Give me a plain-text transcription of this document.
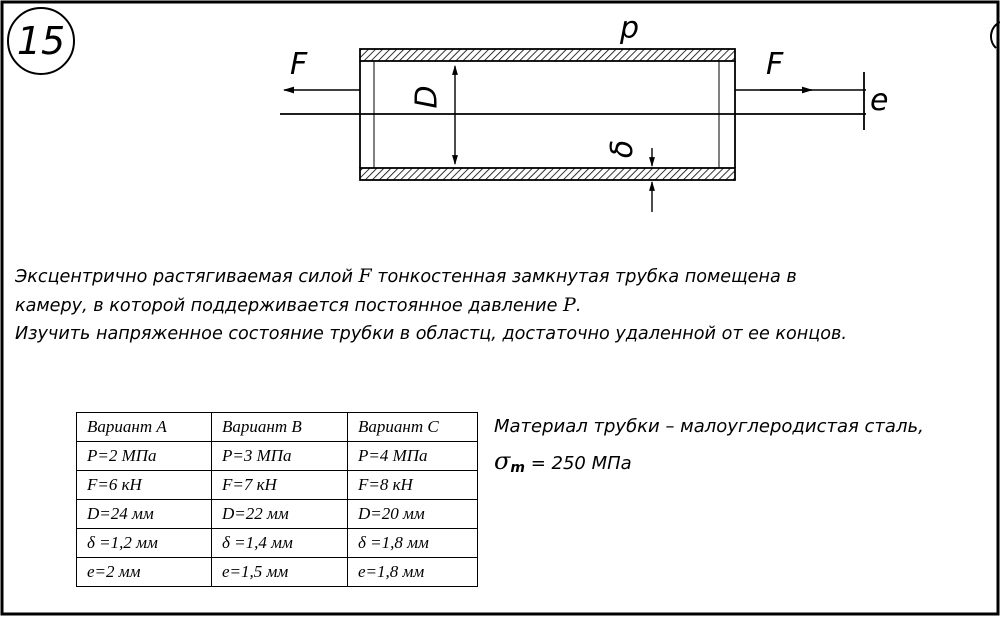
15
F	F
p
D
δ
e

Эксцентрично растягиваемая силой F тонкостенная замкнутая трубка помещена в

камеру, в которой поддерживается постоянное давление P.

Изучить напряженное состояние трубки в областц, достаточно удаленной от ее концов.

Вариант A	Вариант B	Вариант C
P=2 МПа	P=3 МПа	P=4 МПа
F=6 кН	F=7 кН	F=8 кН
D=24 мм	D=22 мм	D=20 мм
δ =1,2 мм	δ =1,4 мм	δ =1,8 мм
e=2 мм	e=1,5 мм	e=1,8 мм
Материал трубки – малоуглеродистая сталь,
$\sigma_m = 250$ МПа
